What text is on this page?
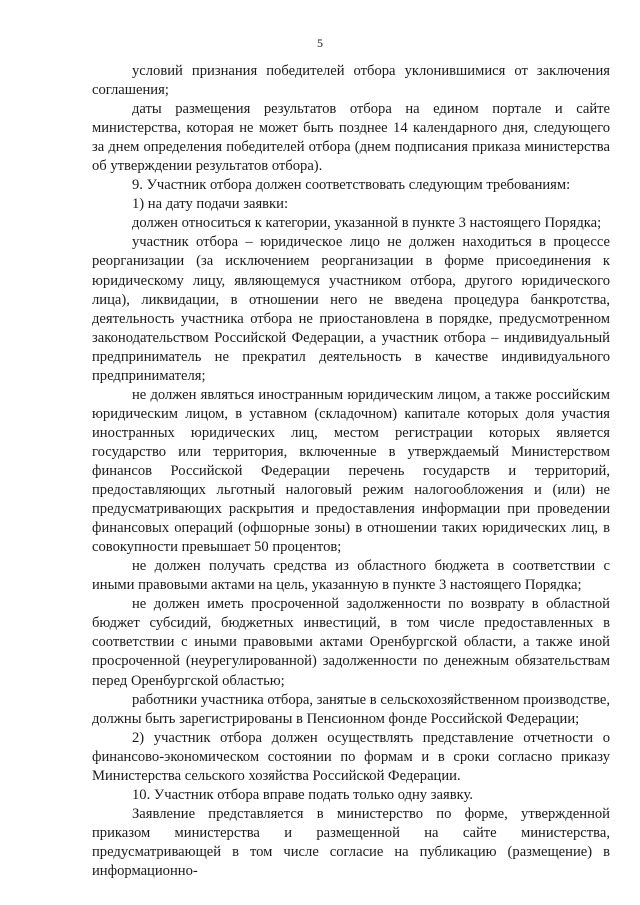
5

условий признания победителей отбора уклонившимися от заключения соглашения;

даты размещения результатов отбора на едином портале и сайте министерства, которая не может быть позднее 14 календарного дня, следующего за днем определения победителей отбора (днем подписания приказа министерства об утверждении результатов отбора).

9. Участник отбора должен соответствовать следующим требованиям:

1) на дату подачи заявки:

должен относиться к категории, указанной в пункте 3 настоящего Порядка;

участник отбора – юридическое лицо не должен находиться в процессе реорганизации (за исключением реорганизации в форме присоединения к юридическому лицу, являющемуся участником отбора, другого юридического лица), ликвидации, в отношении него не введена процедура банкротства, деятельность участника отбора не приостановлена в порядке, предусмотренном законодательством Российской Федерации, а участник отбора – индивидуальный предприниматель не прекратил деятельность в качестве индивидуального предпринимателя;

не должен являться иностранным юридическим лицом, а также российским юридическим лицом, в уставном (складочном) капитале которых доля участия иностранных юридических лиц, местом регистрации которых является государство или территория, включенные в утверждаемый Министерством финансов Российской Федерации перечень государств и территорий, предоставляющих льготный налоговый режим налогообложения и (или) не предусматривающих раскрытия и предоставления информации при проведении финансовых операций (офшорные зоны) в отношении таких юридических лиц, в совокупности превышает 50 процентов;

не должен получать средства из областного бюджета в соответствии с иными правовыми актами на цель, указанную в пункте 3 настоящего Порядка;

не должен иметь просроченной задолженности по возврату в областной бюджет субсидий, бюджетных инвестиций, в том числе предоставленных в соответствии с иными правовыми актами Оренбургской области, а также иной просроченной (неурегулированной) задолженности по денежным обязательствам перед Оренбургской областью;

работники участника отбора, занятые в сельскохозяйственном производстве, должны быть зарегистрированы в Пенсионном фонде Российской Федерации;

2) участник отбора должен осуществлять представление отчетности о финансово-экономическом состоянии по формам и в сроки согласно приказу Министерства сельского хозяйства Российской Федерации.

10. Участник отбора вправе подать только одну заявку.

Заявление представляется в министерство по форме, утвержденной приказом министерства и размещенной на сайте министерства, предусматривающей в том числе согласие на публикацию (размещение) в информационно-
